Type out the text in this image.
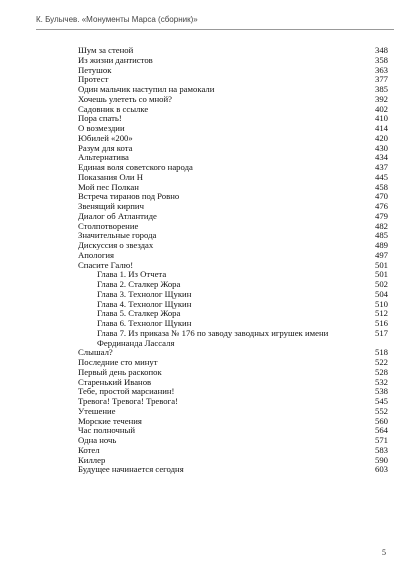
К. Булычев. «Монументы Марса (сборник)»
Шум за стеной	348
Из жизни дантистов	358
Петушок	363
Протест	377
Один мальчик наступил на рамокали	385
Хочешь улететь со мной?	392
Садовник в ссылке	402
Пора спать!	410
О возмездии	414
Юбилей «200»	420
Разум для кота	430
Альтернатива	434
Единая воля советского народа	437
Показания Оли Н	445
Мой пес Полкан	458
Встреча тиранов под Ровно	470
Звенящий кирпич	476
Диалог об Атлантиде	479
Столпотворение	482
Значительные города	485
Дискуссия о звездах	489
Апология	497
Спасите Галю!	501
Глава 1. Из Отчета	501
Глава 2. Сталкер Жора	502
Глава 3. Технолог Щукин	504
Глава 4. Технолог Щукин	510
Глава 5. Сталкер Жора	512
Глава 6. Технолог Щукин	516
Глава 7. Из приказа № 176 по заводу заводных игрушек имени Фердинанда Лассаля
517
Слышал?	518
Последние сто минут	522
Первый день раскопок	528
Старенький Иванов	532
Тебе, простой марсианин!	538
Тревога! Тревога! Тревога!	545
Утешение	552
Морские течения	560
Час полночный	564
Одна ночь	571
Котел	583
Киллер	590
Будущее начинается сегодня	603
5
